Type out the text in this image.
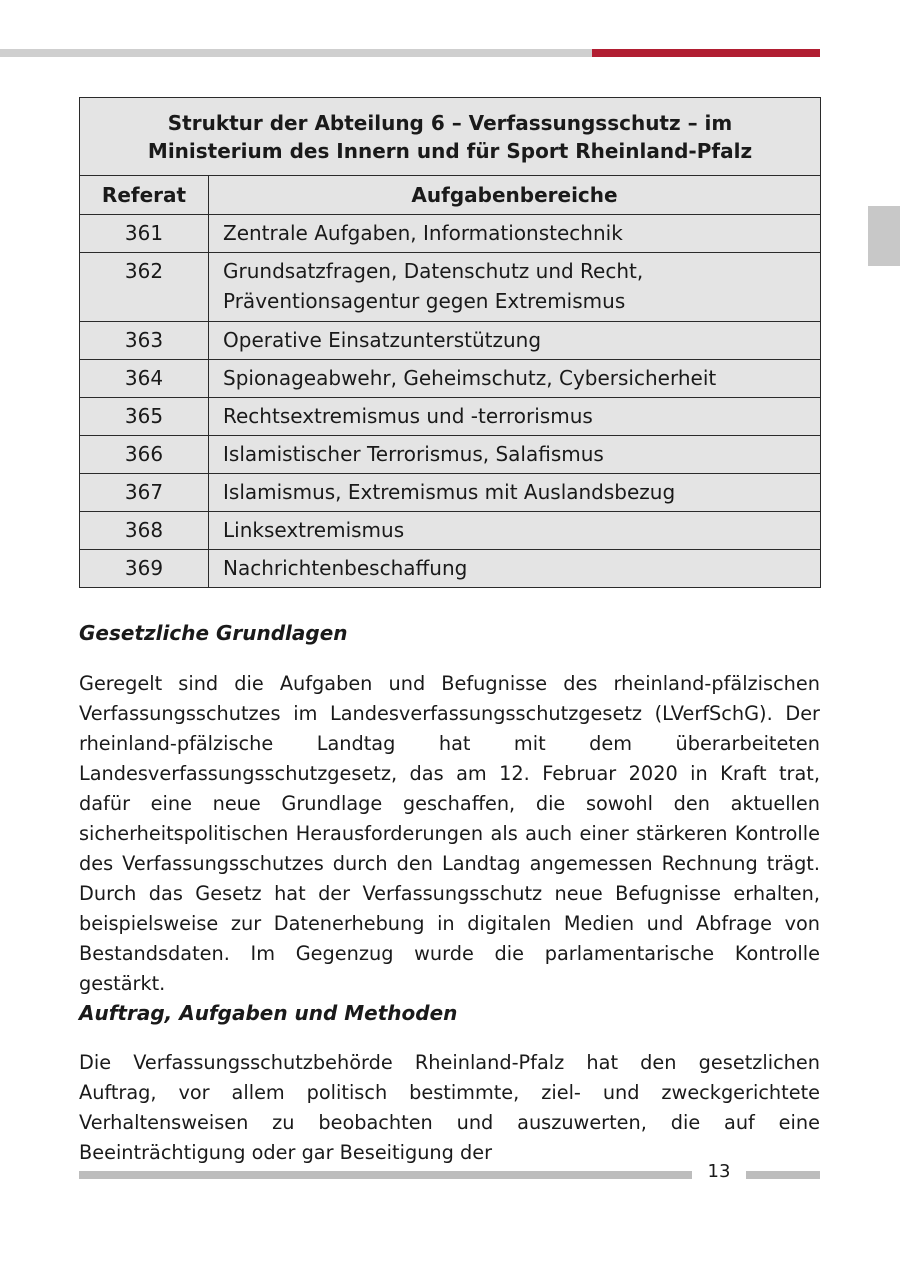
Struktur der Abteilung 6 – Verfassungsschutz – im
Ministerium des Innern und für Sport Rheinland-Pfalz	

Referat	Aufgabenbereiche
361	Zentrale Aufgaben, Informationstechnik
362	Grundsatzfragen, Datenschutz und Recht, Präventionsagentur gegen Extremismus
363	Operative Einsatzunterstützung
364	Spionageabwehr, Geheimschutz, Cybersicherheit
365	Rechtsextremismus und -terrorismus
366	Islamistischer Terrorismus, Salafismus
367	Islamismus, Extremismus mit Auslandsbezug
368	Linksextremismus
369	Nachrichtenbeschaffung
Gesetzliche Grundlagen

Geregelt sind die Aufgaben und Befugnisse des rheinland-pfälzischen Verfassungsschutzes im Landesverfassungsschutzgesetz (LVerfSchG). Der rheinland-pfälzische Landtag hat mit dem überarbeiteten Landesverfassungsschutzgesetz, das am 12. Februar 2020 in Kraft trat, dafür eine neue Grundlage geschaffen, die sowohl den aktuellen sicherheitspolitischen Herausforderungen als auch einer stärkeren Kontrolle des Verfassungsschutzes durch den Landtag angemessen Rechnung trägt. Durch das Gesetz hat der Verfassungsschutz neue Befugnisse erhalten, beispielsweise zur Datenerhebung in digitalen Medien und Abfrage von Bestandsdaten. Im Gegenzug wurde die parlamentarische Kontrolle gestärkt.

Auftrag, Aufgaben und Methoden

Die Verfassungsschutzbehörde Rheinland-Pfalz hat den gesetzlichen Auftrag, vor allem politisch bestimmte, ziel- und zweckgerichtete Verhaltensweisen zu beobachten und auszuwerten, die auf eine Beeinträchtigung oder gar Beseitigung der

13
